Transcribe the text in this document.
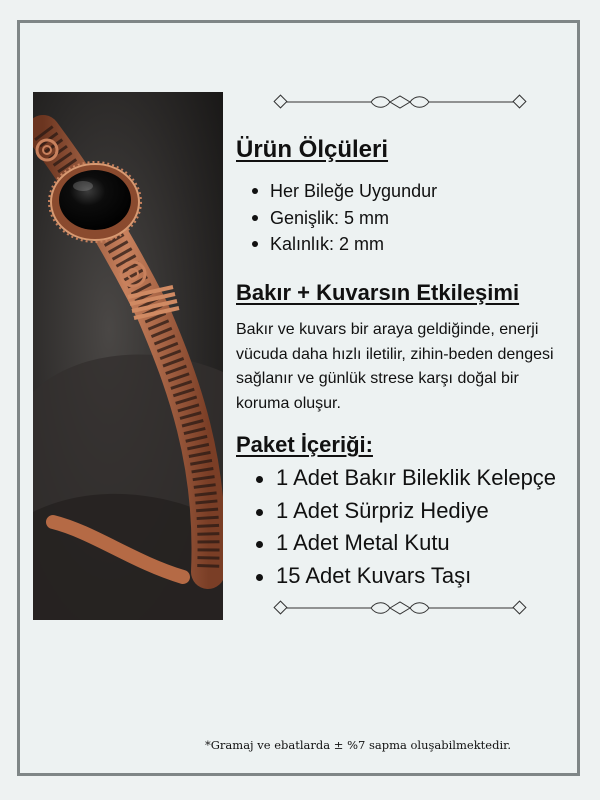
Ürün Ölçüleri
Her Bileğe Uygundur
Genişlik: 5 mm
Kalınlık: 2 mm
Bakır + Kuvarsın Etkileşimi

Bakır ve kuvars bir araya geldiğinde, enerji vücuda daha hızlı iletilir, zihin-beden dengesi sağlanır ve günlük strese karşı doğal bir koruma oluşur.

Paket İçeriği:
1 Adet Bakır Bileklik Kelepçe
1 Adet Sürpriz Hediye
1 Adet Metal Kutu
15 Adet Kuvars Taşı

*Gramaj ve ebatlarda ± %7 sapma oluşabilmektedir.
